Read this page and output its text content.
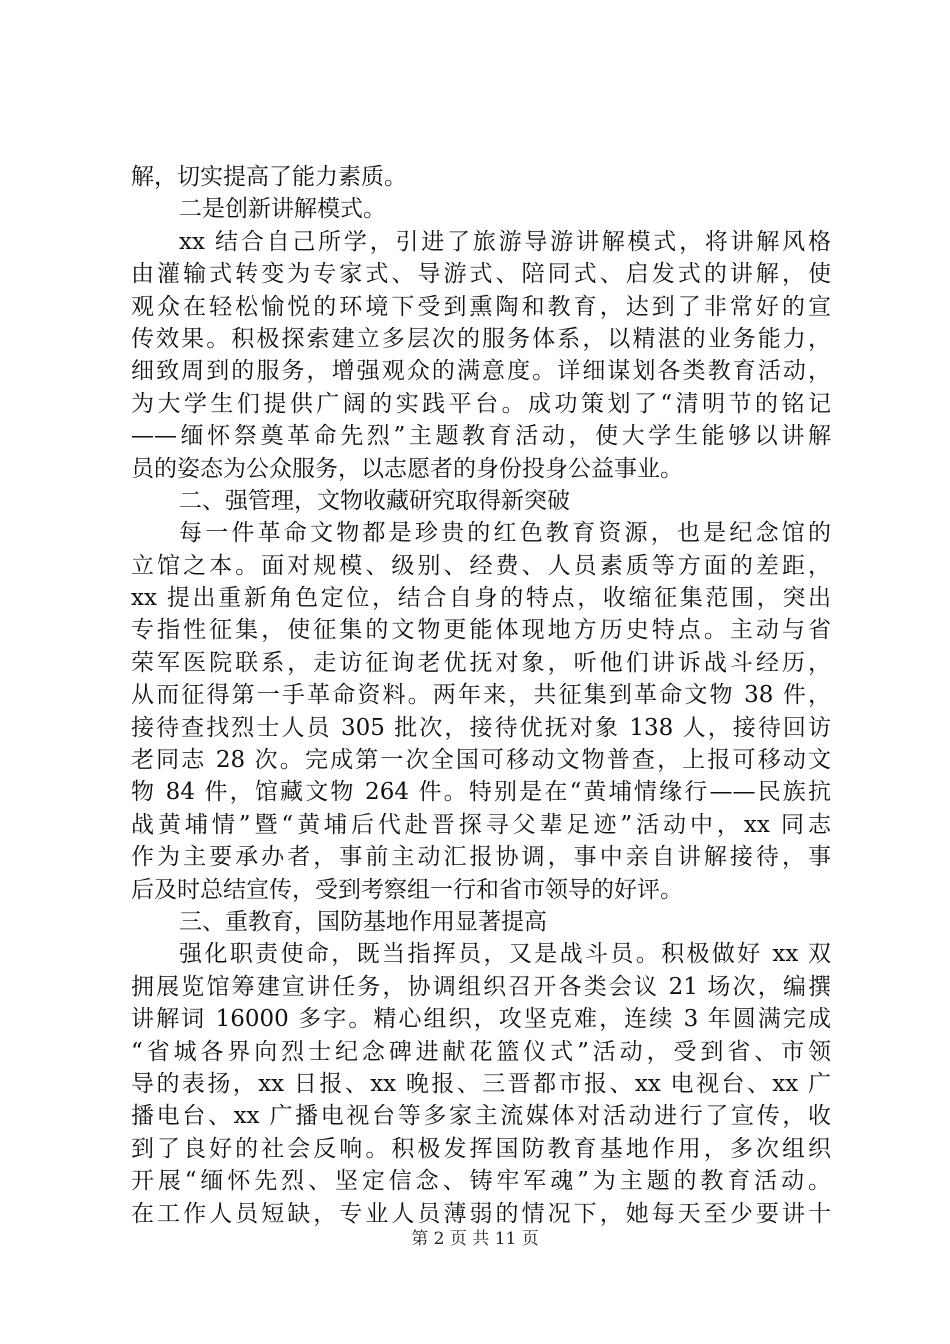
解，切实提高了能力素质。
二是创新讲解模式。
xx 结合自己所学，引进了旅游导游讲解模式，将讲解风格
由灌输式转变为专家式、导游式、陪同式、启发式的讲解，使
观众在轻松愉悦的环境下受到熏陶和教育，达到了非常好的宣
传效果。积极探索建立多层次的服务体系，以精湛的业务能力，
细致周到的服务，增强观众的满意度。详细谋划各类教育活动，
为大学生们提供广阔的实践平台。成功策划了“清明节的铭记
——缅怀祭奠革命先烈”主题教育活动，使大学生能够以讲解
员的姿态为公众服务，以志愿者的身份投身公益事业。
二、强管理，文物收藏研究取得新突破
每一件革命文物都是珍贵的红色教育资源，也是纪念馆的
立馆之本。面对规模、级别、经费、人员素质等方面的差距，
xx 提出重新角色定位，结合自身的特点，收缩征集范围，突出
专指性征集，使征集的文物更能体现地方历史特点。主动与省
荣军医院联系，走访征询老优抚对象，听他们讲诉战斗经历，
从而征得第一手革命资料。两年来，共征集到革命文物 38 件，
接待查找烈士人员 305 批次，接待优抚对象 138 人，接待回访
老同志 28 次。完成第一次全国可移动文物普查，上报可移动文
物 84 件，馆藏文物 264 件。特别是在“黄埔情缘行——民族抗
战黄埔情”暨“黄埔后代赴晋探寻父辈足迹”活动中，xx 同志
作为主要承办者，事前主动汇报协调，事中亲自讲解接待，事
后及时总结宣传，受到考察组一行和省市领导的好评。
三、重教育，国防基地作用显著提高
强化职责使命，既当指挥员，又是战斗员。积极做好 xx 双
拥展览馆筹建宣讲任务，协调组织召开各类会议 21 场次，编撰
讲解词 16000 多字。精心组织，攻坚克难，连续 3 年圆满完成
“省城各界向烈士纪念碑进献花篮仪式”活动，受到省、市领
导的表扬，xx 日报、xx 晚报、三晋都市报、xx 电视台、xx 广
播电台、xx 广播电视台等多家主流媒体对活动进行了宣传，收
到了良好的社会反响。积极发挥国防教育基地作用，多次组织
开展“缅怀先烈、坚定信念、铸牢军魂”为主题的教育活动。
在工作人员短缺，专业人员薄弱的情况下，她每天至少要讲十
第 2 页 共 11 页
